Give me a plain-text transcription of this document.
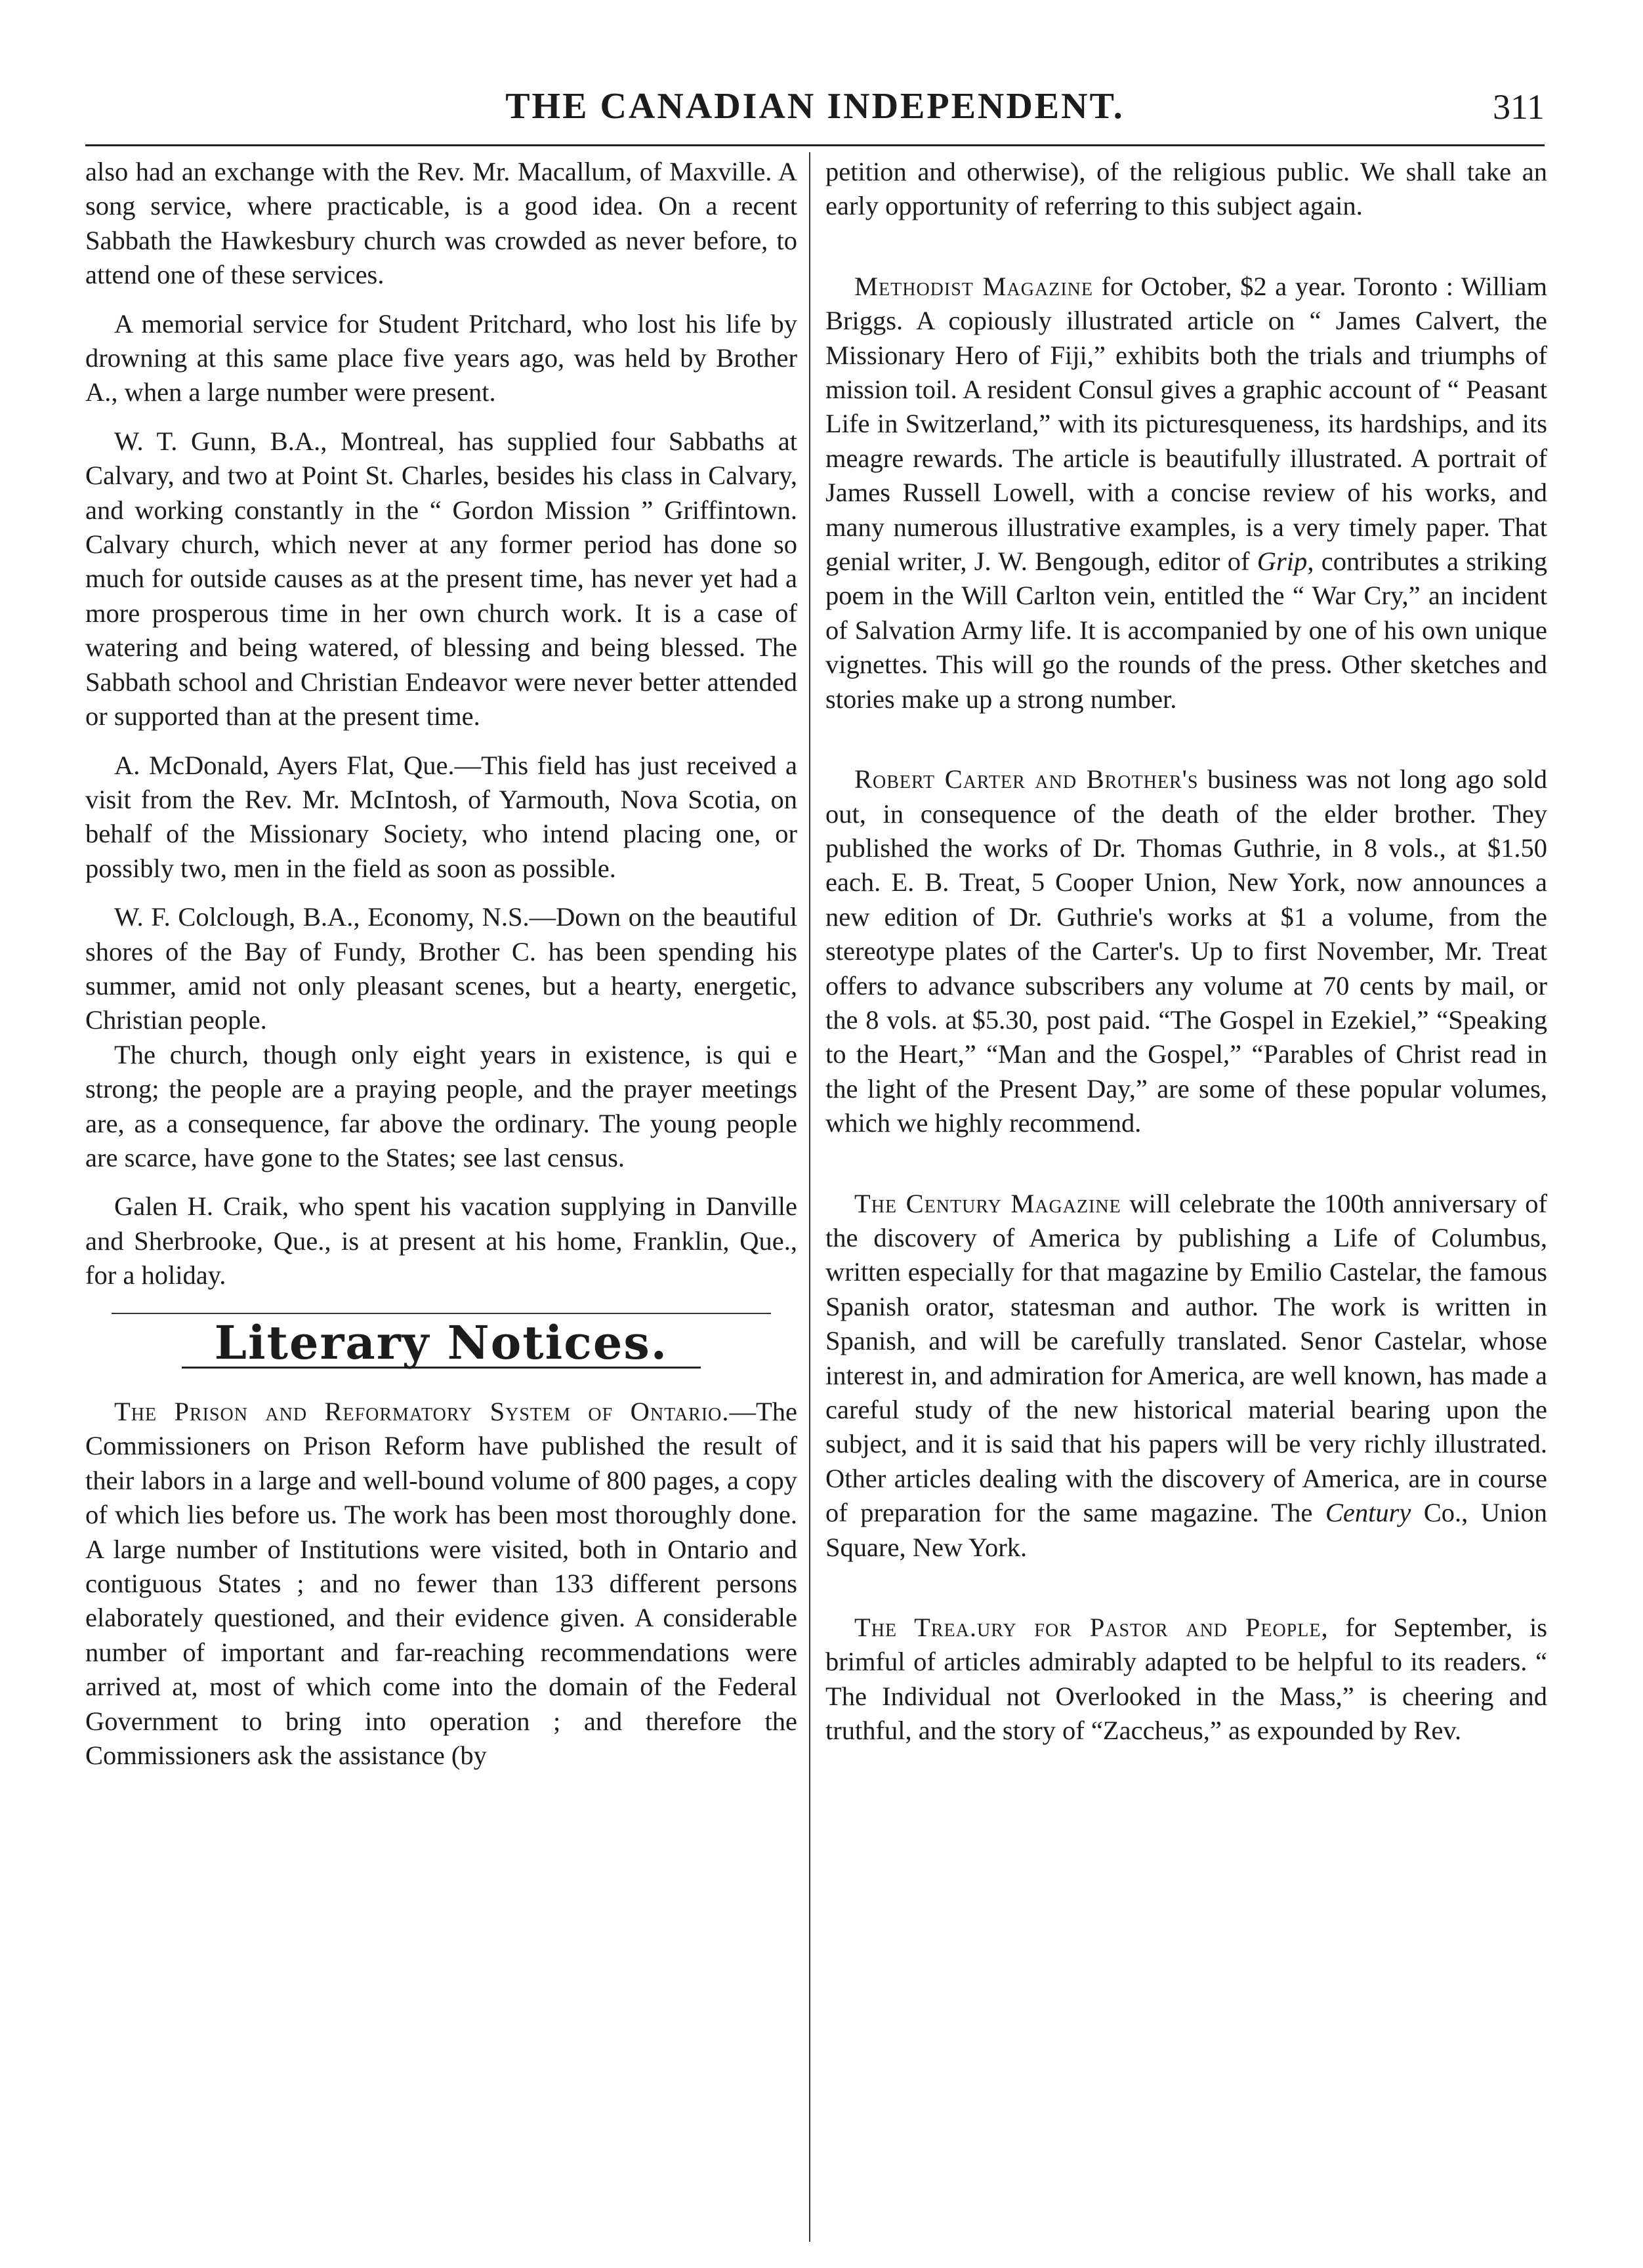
THE CANADIAN INDEPENDENT.	311

also had an exchange with the Rev. Mr. Macallum, of Maxville. A song service, where practicable, is a good idea. On a recent Sabbath the Hawkesbury church was crowded as never before, to attend one of these services.

A memorial service for Student Pritchard, who lost his life by drowning at this same place five years ago, was held by Brother A., when a large number were present.

W. T. Gunn, B.A., Montreal, has supplied four Sabbaths at Calvary, and two at Point St. Charles, besides his class in Calvary, and working constantly in the “ Gordon Mission ” Griffintown. Calvary church, which never at any former period has done so much for outside causes as at the present time, has never yet had a more prosperous time in her own church work. It is a case of watering and being watered, of blessing and being blessed. The Sabbath school and Christian Endeavor were never better attended or supported than at the present time.

A. McDonald, Ayers Flat, Que.—This field has just received a visit from the Rev. Mr. McIntosh, of Yarmouth, Nova Scotia, on behalf of the Missionary Society, who intend placing one, or possibly two, men in the field as soon as possible.

W. F. Colclough, B.A., Economy, N.S.—Down on the beautiful shores of the Bay of Fundy, Brother C. has been spending his summer, amid not only pleasant scenes, but a hearty, energetic, Christian people.

The church, though only eight years in existence, is qui e strong; the people are a praying people, and the prayer meetings are, as a consequence, far above the ordinary. The young people are scarce, have gone to the States; see last census.

Galen H. Craik, who spent his vacation supplying in Danville and Sherbrooke, Que., is at present at his home, Franklin, Que., for a holiday.

Literary Notices.

The Prison and Reformatory System of Ontario.—The Commissioners on Prison Reform have published the result of their labors in a large and well-bound volume of 800 pages, a copy of which lies before us. The work has been most thoroughly done. A large number of Institutions were visited, both in Ontario and contiguous States ; and no fewer than 133 different persons elaborately questioned, and their evidence given. A considerable number of important and far-reaching recommendations were arrived at, most of which come into the domain of the Federal Government to bring into operation ; and therefore the Commissioners ask the assistance (by

petition and otherwise), of the religious public. We shall take an early opportunity of referring to this subject again.

Methodist Magazine for October, $2 a year. Toronto : William Briggs. A copiously illustrated article on “ James Calvert, the Missionary Hero of Fiji,” exhibits both the trials and triumphs of mission toil. A resident Consul gives a graphic account of “ Peasant Life in Switzerland,” with its picturesqueness, its hardships, and its meagre rewards. The article is beautifully illustrated. A portrait of James Russell Lowell, with a concise review of his works, and many numerous illustrative examples, is a very timely paper. That genial writer, J. W. Bengough, editor of Grip, contributes a striking poem in the Will Carlton vein, entitled the “ War Cry,” an incident of Salvation Army life. It is accompanied by one of his own unique vignettes. This will go the rounds of the press. Other sketches and stories make up a strong number.

Robert Carter and Brother's business was not long ago sold out, in consequence of the death of the elder brother. They published the works of Dr. Thomas Guthrie, in 8 vols., at $1.50 each. E. B. Treat, 5 Cooper Union, New York, now announces a new edition of Dr. Guthrie's works at $1 a volume, from the stereotype plates of the Carter's. Up to first November, Mr. Treat offers to advance subscribers any volume at 70 cents by mail, or the 8 vols. at $5.30, post paid. “The Gospel in Ezekiel,” “Speaking to the Heart,” “Man and the Gospel,” “Parables of Christ read in the light of the Present Day,” are some of these popular volumes, which we highly recommend.

The Century Magazine will celebrate the 100th anniversary of the discovery of America by publishing a Life of Columbus, written especially for that magazine by Emilio Castelar, the famous Spanish orator, statesman and author. The work is written in Spanish, and will be carefully translated. Senor Castelar, whose interest in, and admiration for America, are well known, has made a careful study of the new historical material bearing upon the subject, and it is said that his papers will be very richly illustrated. Other articles dealing with the discovery of America, are in course of preparation for the same magazine. The Century Co., Union Square, New York.

The Trea.ury for Pastor and People, for September, is brimful of articles admirably adapted to be helpful to its readers. “ The Individual not Overlooked in the Mass,” is cheering and truthful, and the story of “Zaccheus,” as expounded by Rev.
